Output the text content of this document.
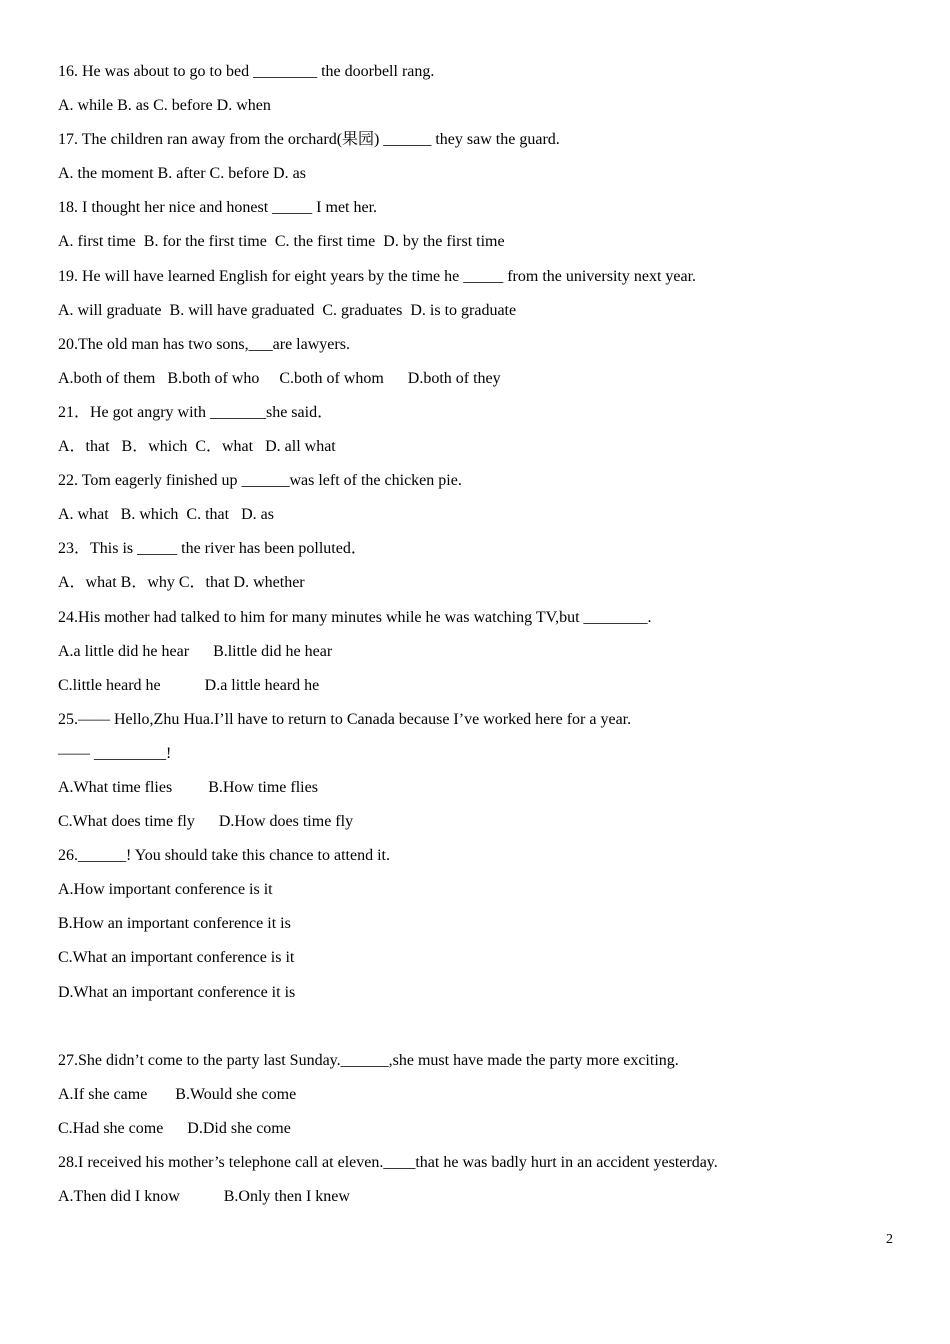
16. He was about to go to bed ________ the doorbell rang.
A. while B. as C. before D. when
17. The children ran away from the orchard(果园) ______ they saw the guard.
A. the moment B. after C. before D. as
18. I thought her nice and honest _____ I met her.
A. first time  B. for the first time  C. the first time  D. by the first time
19. He will have learned English for eight years by the time he _____ from the university next year.
A. will graduate  B. will have graduated  C. graduates  D. is to graduate
20.The old man has two sons,___are lawyers.
A.both of them   B.both of who     C.both of whom      D.both of they
21．He got angry with _______she said．
A．that   B．which  C．what   D. all what
22. Tom eagerly finished up ______was left of the chicken pie.
A. what   B. which  C. that   D. as
23．This is _____ the river has been polluted．
A．what B．why C．that D. whether
24.His mother had talked to him for many minutes while he was watching TV,but ________.
A.a little did he hear      B.little did he hear
C.little heard he           D.a little heard he
25.—— Hello,Zhu Hua.I’ll have to return to Canada because I’ve worked here for a year.
—— _________!
A.What time flies         B.How time flies
C.What does time fly      D.How does time fly
26.______! You should take this chance to attend it.
A.How important conference is it
B.How an important conference it is
C.What an important conference is it
D.What an important conference it is
27.She didn’t come to the party last Sunday.______,she must have made the party more exciting.
A.If she came       B.Would she come
C.Had she come      D.Did she come
28.I received his mother’s telephone call at eleven.____that he was badly hurt in an accident yesterday.
A.Then did I know           B.Only then I knew
2
